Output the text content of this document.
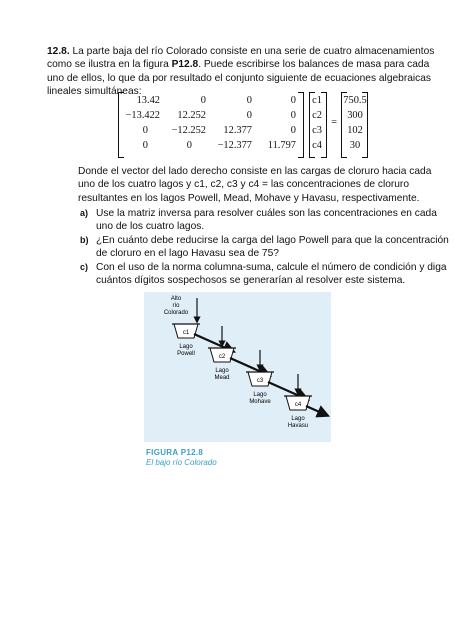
12.8. La parte baja del río Colorado consiste en una serie de cuatro almacenamientos como se ilustra en la figura P12.8. Puede escribirse los balances de masa para cada uno de ellos, lo que da por resultado el conjunto siguiente de ecuaciones algebraicas lineales simultáneas:

13.42	0	0	0
−13.422	12.252	0	0
0	−12.252	12.377	0
0	0	−12.377	11.797
c1
c2
c3
c4
=
750.5
300
102
30

Donde el vector del lado derecho consiste en las cargas de cloruro hacia cada uno de los cuatro lagos y c1, c2, c3 y c4 = las concentraciones de cloruro resultantes en los lagos Powell, Mead, Mohave y Havasu, respectivamente.

a) Use la matriz inversa para resolver cuáles son las concentraciones en cada uno de los cuatro lagos.
b) ¿En cuánto debe reducirse la carga del lago Powell para que la concentración de cloruro en el lago Havasu sea de 75?
c) Con el uso de la norma columna-suma, calcule el número de condición y diga cuántos dígitos sospechosos se generarían al resolver este sistema.
Alto
río
Colorado
c1
Lago
Powell	c2
Lago
Mead	c3
Lago
Mohave	c4
Lago
Havasu
FIGURA P12.8
El bajo río Colorado
